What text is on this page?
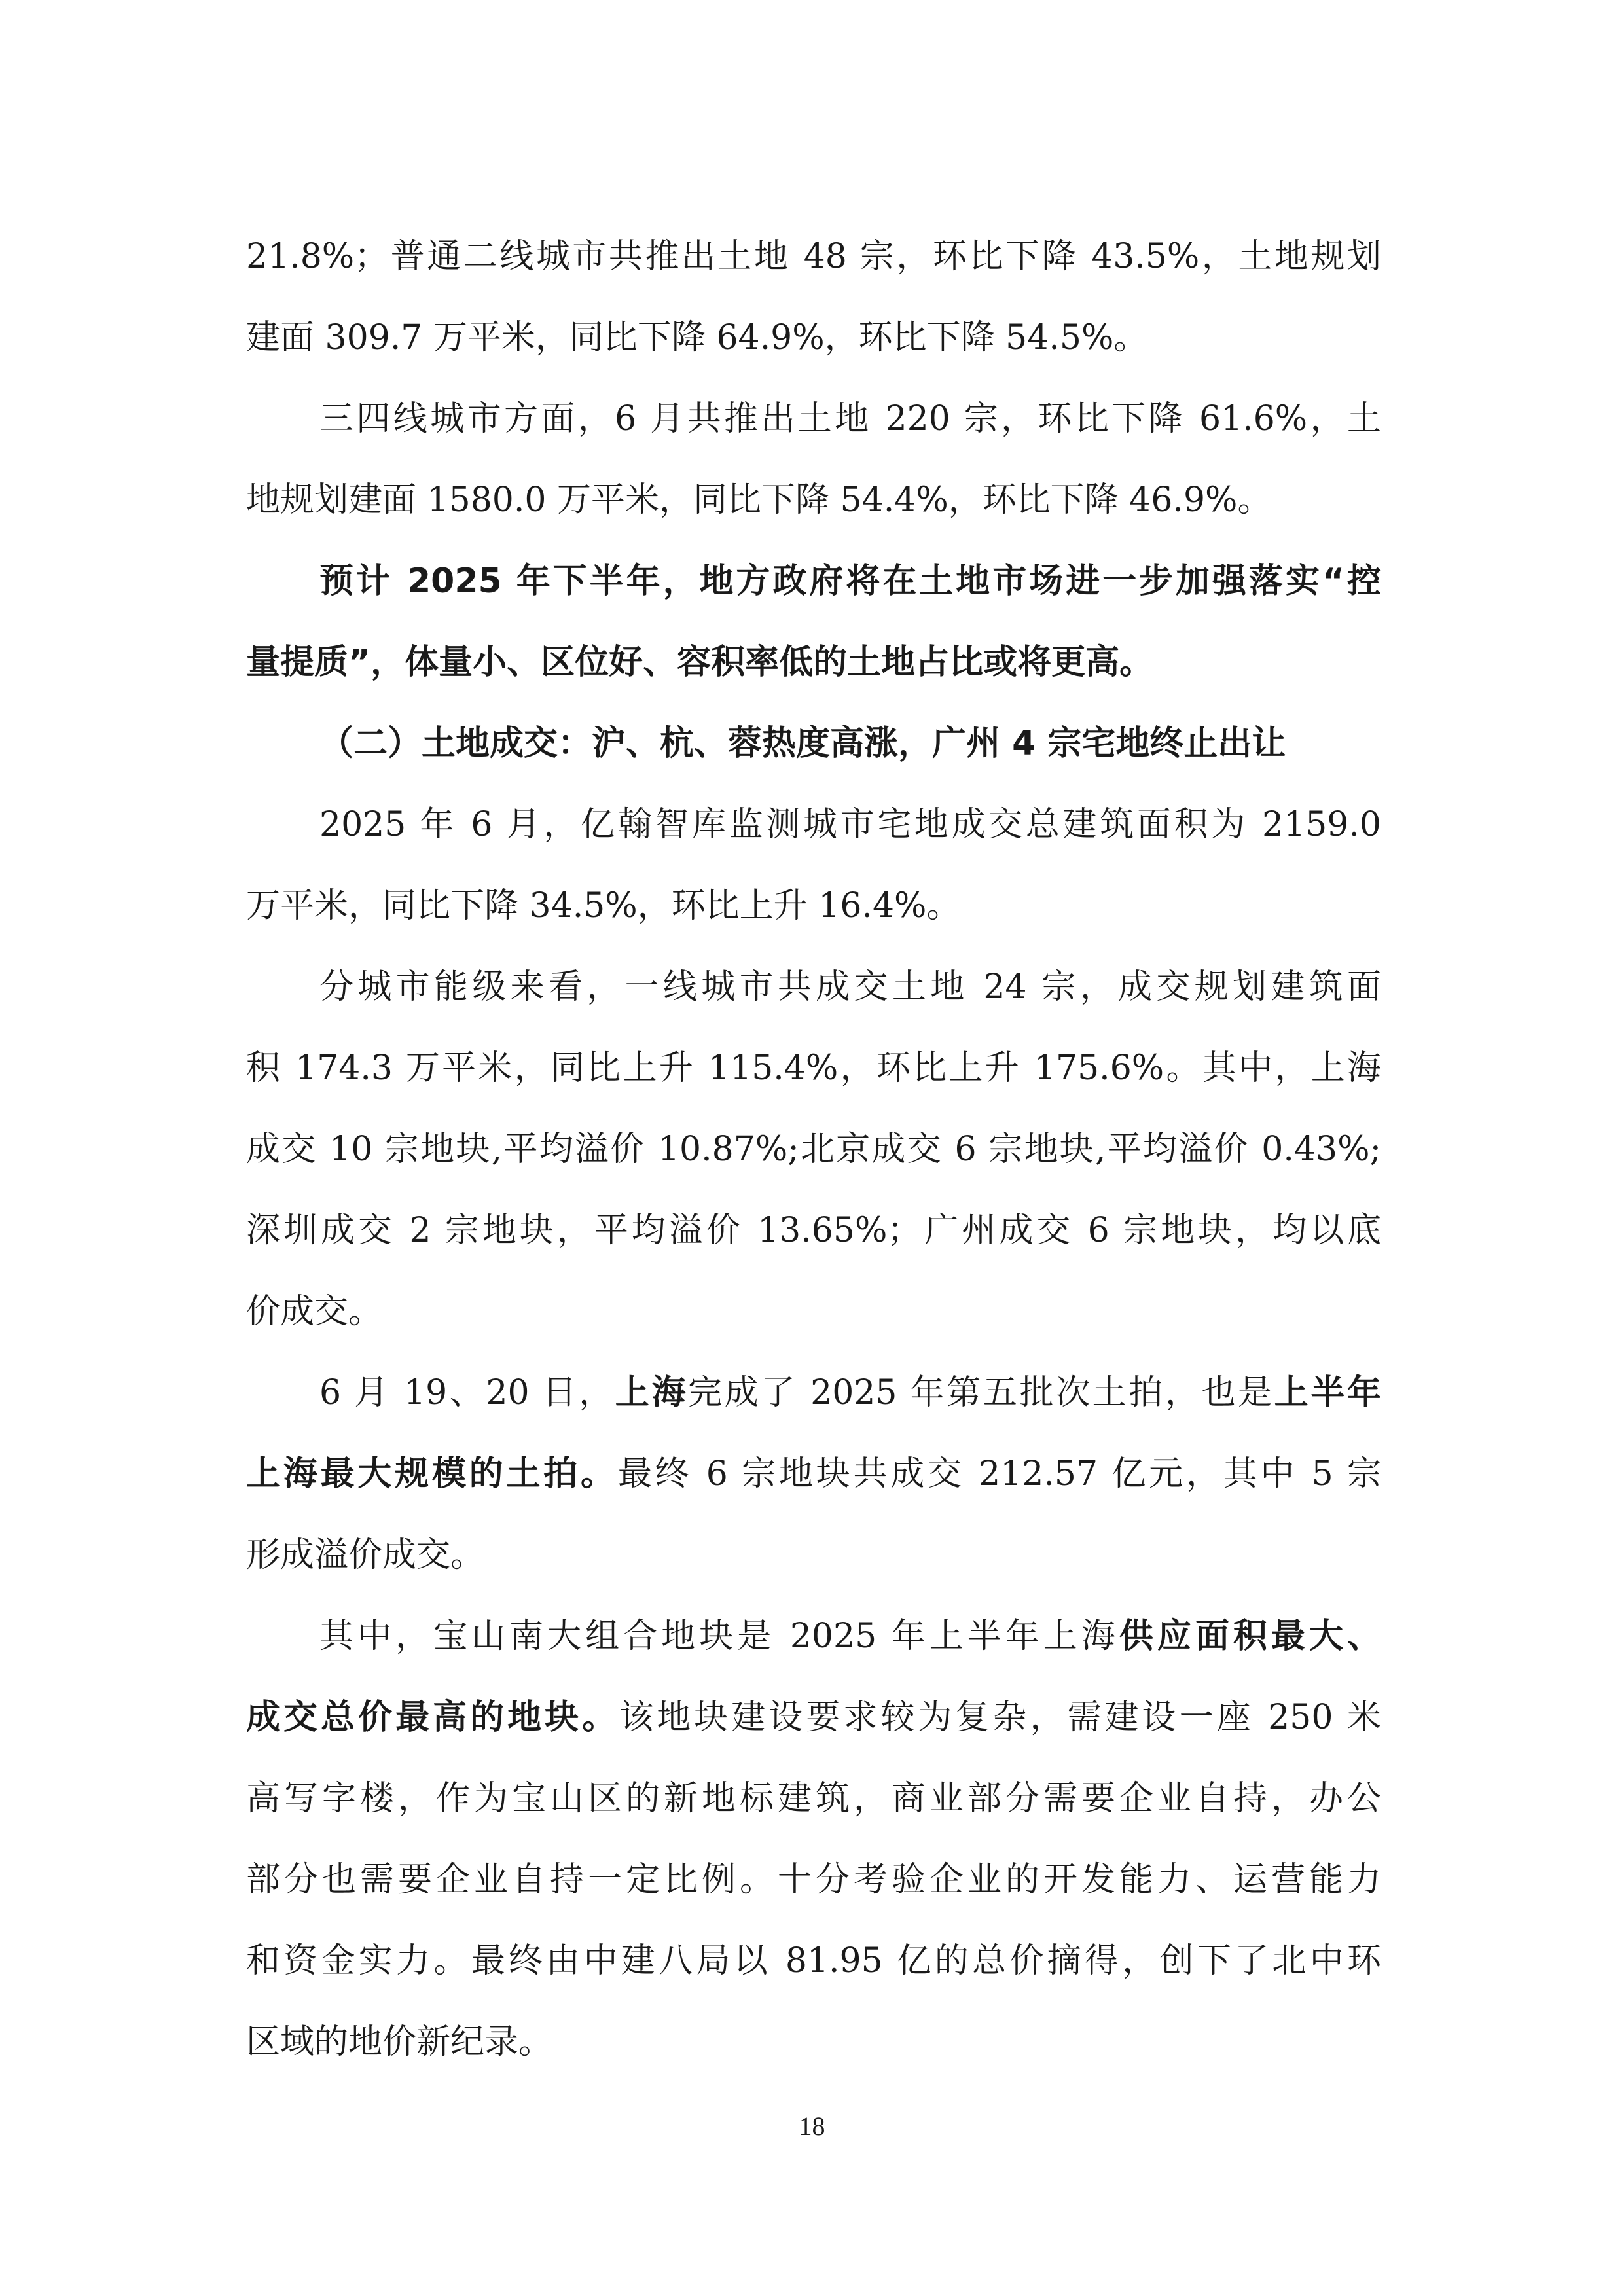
21.8%；普通二线城市共推出土地 48 宗，环比下降 43.5%，土地规划
建面 309.7 万平米，同比下降 64.9%，环比下降 54.5%。
三四线城市方面，6 月共推出土地 220 宗，环比下降 61.6%，土
地规划建面 1580.0 万平米，同比下降 54.4%，环比下降 46.9%。
预计 2025 年下半年，地方政府将在土地市场进一步加强落实“控
量提质”，体量小、区位好、容积率低的土地占比或将更高。
（二）土地成交：沪、杭、蓉热度高涨，广州 4 宗宅地终止出让
2025 年 6 月，亿翰智库监测城市宅地成交总建筑面积为 2159.0
万平米，同比下降 34.5%，环比上升 16.4%。
分城市能级来看，一线城市共成交土地 24 宗，成交规划建筑面
积 174.3 万平米，同比上升 115.4%，环比上升 175.6%。其中，上海
成交 10 宗地块,平均溢价 10.87%;北京成交 6 宗地块,平均溢价 0.43%;
深圳成交 2 宗地块，平均溢价 13.65%；广州成交 6 宗地块，均以底
价成交。
6 月 19、20 日，上海完成了 2025 年第五批次土拍，也是上半年
上海最大规模的土拍。最终 6 宗地块共成交 212.57 亿元，其中 5 宗
形成溢价成交。
其中，宝山南大组合地块是 2025 年上半年上海供应面积最大、
成交总价最高的地块。该地块建设要求较为复杂，需建设一座 250 米
高写字楼，作为宝山区的新地标建筑，商业部分需要企业自持，办公
部分也需要企业自持一定比例。十分考验企业的开发能力、运营能力
和资金实力。最终由中建八局以 81.95 亿的总价摘得，创下了北中环
区域的地价新纪录。
18
